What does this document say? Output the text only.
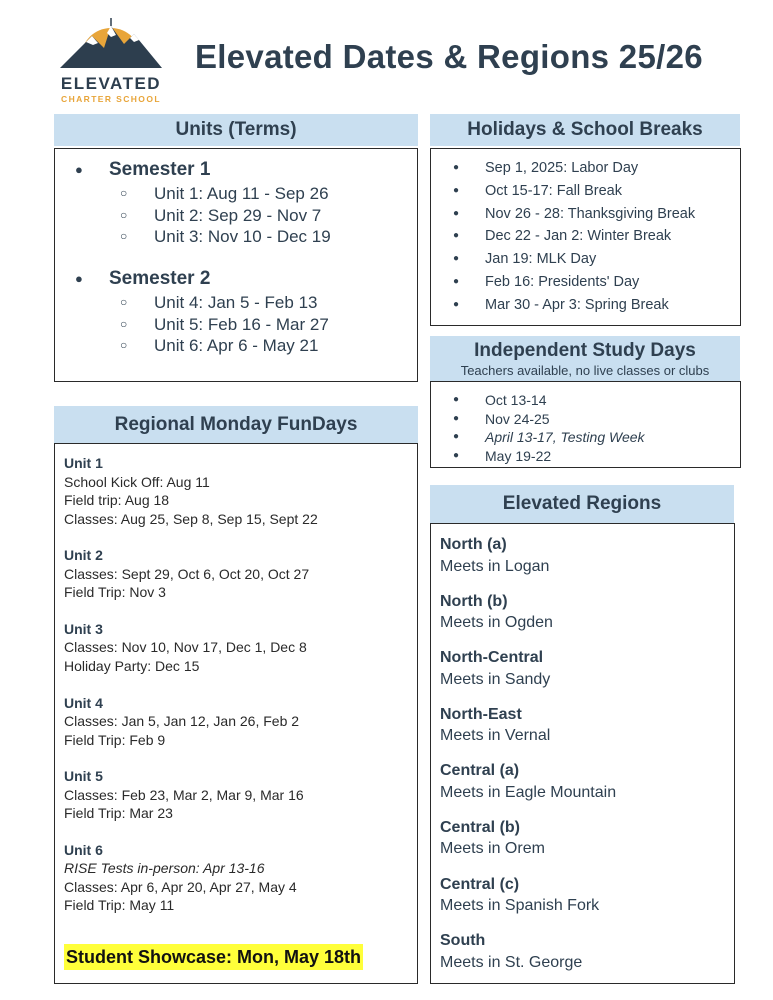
ELEVATED
CHARTER SCHOOL
Elevated Dates & Regions 25/26
Units (Terms)
● Semester 1
○ Unit 1: Aug 11 - Sep 26
○ Unit 2: Sep 29 - Nov 7
○ Unit 3: Nov 10 - Dec 19
● Semester 2
○ Unit 4: Jan 5 - Feb 13
○ Unit 5: Feb 16 - Mar 27
○ Unit 6: Apr 6 - May 21
Holidays & School Breaks
● Sep 1, 2025: Labor Day
● Oct 15-17: Fall Break
● Nov 26 - 28: Thanksgiving Break
● Dec 22 - Jan 2: Winter Break
● Jan 19: MLK Day
● Feb 16: Presidents' Day
● Mar 30 - Apr 3: Spring Break
Independent Study Days
Teachers available, no live classes or clubs
● Oct 13-14
● Nov 24-25
● April 13-17, Testing Week
● May 19-22
Regional Monday FunDays
Unit 1
School Kick Off: Aug 11
Field trip: Aug 18
Classes: Aug 25, Sep 8, Sep 15, Sept 22
Unit 2
Classes: Sept 29, Oct 6, Oct 20, Oct 27
Field Trip: Nov 3
Unit 3
Classes: Nov 10, Nov 17, Dec 1, Dec 8
Holiday Party: Dec 15
Unit 4
Classes: Jan 5, Jan 12, Jan 26, Feb 2
Field Trip: Feb 9
Unit 5
Classes: Feb 23, Mar 2, Mar 9, Mar 16
Field Trip: Mar 23
Unit 6
RISE Tests in-person: Apr 13-16
Classes: Apr 6, Apr 20, Apr 27, May 4
Field Trip: May 11
Student Showcase: Mon, May 18th
Elevated Regions
North (a)
Meets in Logan
North (b)
Meets in Ogden
North-Central
Meets in Sandy
North-East
Meets in Vernal
Central (a)
Meets in Eagle Mountain
Central (b)
Meets in Orem
Central (c)
Meets in Spanish Fork
South
Meets in St. George
